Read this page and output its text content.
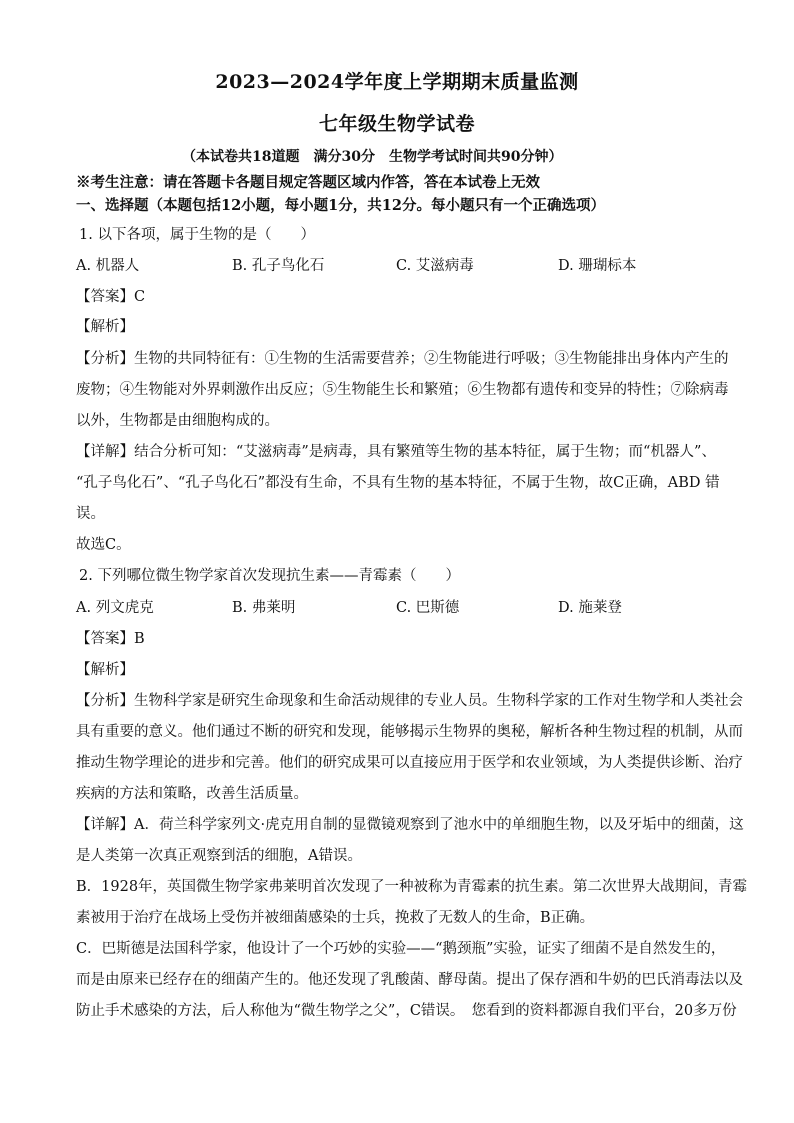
2023—2024学年度上学期期末质量监测
七年级生物学试卷
（本试卷共18道题　满分30分　生物学考试时间共90分钟）
※考生注意：请在答题卡各题目规定答题区域内作答，答在本试卷上无效
一、选择题（本题包括12小题，每小题1分，共12分。每小题只有一个正确选项）
1. 以下各项，属于生物的是（　　）
A. 机器人	B. 孔子鸟化石	C. 艾滋病毒	D. 珊瑚标本
【答案】C
【解析】
【分析】生物的共同特征有：①生物的生活需要营养；②生物能进行呼吸；③生物能排出身体内产生的
废物；④生物能对外界刺激作出反应；⑤生物能生长和繁殖；⑥生物都有遗传和变异的特性；⑦除病毒
以外，生物都是由细胞构成的。
【详解】结合分析可知：“艾滋病毒”是病毒，具有繁殖等生物的基本特征，属于生物；而“机器人”、
“孔子鸟化石”、“孔子鸟化石”都没有生命，不具有生物的基本特征，不属于生物，故C正确，ABD 错
误。
故选C。
2. 下列哪位微生物学家首次发现抗生素——青霉素（　　）
A. 列文虎克	B. 弗莱明	C. 巴斯德	D. 施莱登
【答案】B
【解析】
【分析】生物科学家是研究生命现象和生命活动规律的专业人员。生物科学家的工作对生物学和人类社会
具有重要的意义。他们通过不断的研究和发现，能够揭示生物界的奥秘，解析各种生物过程的机制，从而
推动生物学理论的进步和完善。他们的研究成果可以直接应用于医学和农业领域，为人类提供诊断、治疗
疾病的方法和策略，改善生活质量。
【详解】A．荷兰科学家列文·虎克用自制的显微镜观察到了池水中的单细胞生物，以及牙垢中的细菌，这
是人类第一次真正观察到活的细胞，A错误。
B．1928年，英国微生物学家弗莱明首次发现了一种被称为青霉素的抗生素。第二次世界大战期间，青霉
素被用于治疗在战场上受伤并被细菌感染的士兵，挽救了无数人的生命，B正确。
C．巴斯德是法国科学家，他设计了一个巧妙的实验——“鹅颈瓶”实验，证实了细菌不是自然发生的，
而是由原来已经存在的细菌产生的。他还发现了乳酸菌、酵母菌。提出了保存酒和牛奶的巴氏消毒法以及
防止手术感染的方法，后人称他为“微生物学之父”，C错误。　您看到的资料都源自我们平台，20多万份
